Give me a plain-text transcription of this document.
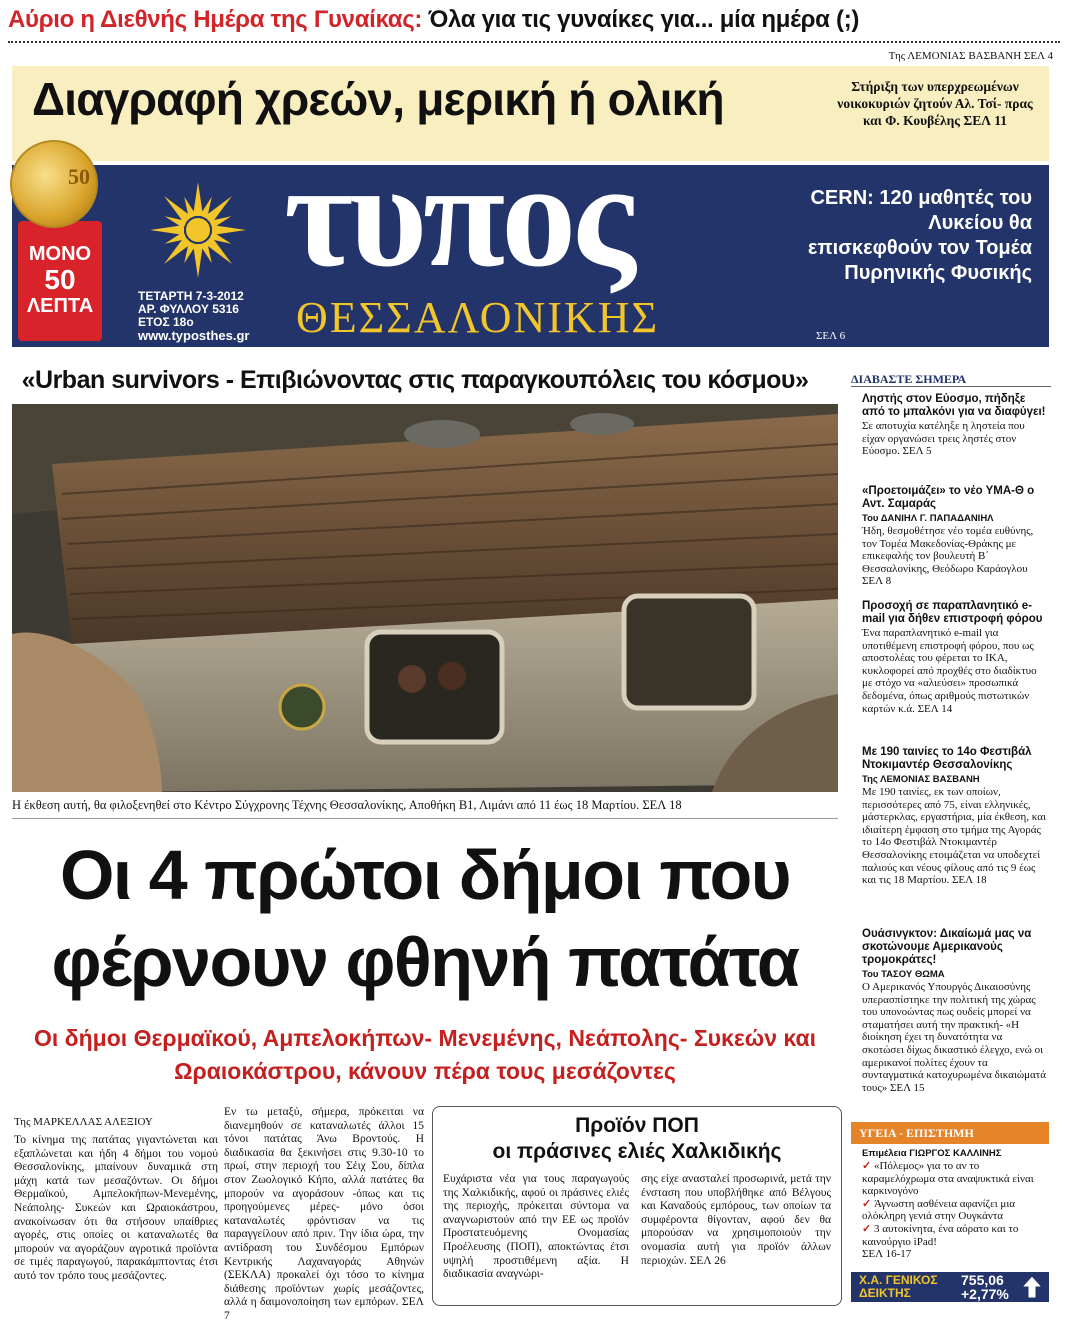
Αύριο η Διεθνής Ημέρα της Γυναίκας: Όλα για τις γυναίκες για... μία ημέρα (;)
Της ΛΕΜΟΝΙΑΣ ΒΑΣΒΑΝΗ ΣΕΛ 4
Διαγραφή χρεών, μερική ή ολική	Στήριξη των υπερχρεωμένων νοικοκυριών ζητούν Αλ. Τσί- πρας και Φ. Κουβέλης ΣΕΛ 11
ΜΟΝΟ
50
ΛΕΠΤΑ
50 τυπος
ΘΕΣΣΑΛΟΝΙΚΗΣ
ΤΕΤΑΡΤΗ 7-3-2012
ΑΡ. ΦΥΛΛΟΥ 5316
ΕΤΟΣ 18ο
www.typosthes.gr
CERN: 120 μαθητές του Λυκείου θα επισκεφθούν τον Τομέα Πυρηνικής Φυσικής
ΣΕΛ 6
«Urban survivors - Επιβιώνοντας στις παραγκουπόλεις του κόσμου»
Η έκθεση αυτή, θα φιλοξενηθεί στο Κέντρο Σύγχρονης Τέχνης Θεσσαλονίκης, Αποθήκη Β1, Λιμάνι από 11 έως 18 Μαρτίου. ΣΕΛ 18
Οι 4 πρώτοι δήμοι που
φέρνουν φθηνή πατάτα
Οι δήμοι Θερμαϊκού, Αμπελοκήπων- Μενεμένης, Νεάπολης- Συκεών και Ωραιοκάστρου, κάνουν πέρα τους μεσάζοντες
Της ΜΑΡΚΕΛΛΑΣ ΑΛΕΞΙΟΥ
Το κίνημα της πατάτας γιγαντώνεται και εξαπλώνεται και ήδη 4 δήμοι του νομού Θεσσαλονίκης, μπαίνουν δυναμικά στη μάχη κατά των μεσαζόντων. Οι δήμοι Θερμαϊκού, Αμπελοκήπων-Μενεμένης, Νεάπολης- Συκεών και Ωραιοκάστρου, ανακοίνωσαν ότι θα στήσουν υπαίθριες αγορές, στις οποίες οι καταναλωτές θα μπορούν να αγοράζουν αγροτικά προϊόντα σε τιμές παραγωγού, παρακάμπτοντας έτσι αυτό τον τρόπο τους μεσάζοντες.
Εν τω μεταξύ, σήμερα, πρόκειται να διανεμηθούν σε καταναλωτές άλλοι 15 τόνοι πατάτας Άνω Βροντούς. Η διαδικασία θα ξεκινήσει στις 9.30-10 το πρωί, στην περιοχή του Σέιχ Σου, δίπλα στον Ζωολογικό Κήπο, αλλά πατάτες θα μπορούν να αγοράσουν -όπως και τις προηγούμενες μέρες- μόνο όσοι καταναλωτές φρόντισαν να τις παραγγείλουν από πριν. Την ίδια ώρα, την αντίδραση του Συνδέσμου Εμπόρων Κεντρικής Λαχαναγοράς Αθηνών (ΣΕΚΛΑ) προκαλεί όχι τόσο το κίνημα διάθεσης προϊόντων χωρίς μεσάζοντες, αλλά η δαιμονοποίηση των εμπόρων. ΣΕΛ 7
Προϊόν ΠΟΠ
οι πράσινες ελιές Χαλκιδικής
Ευχάριστα νέα για τους παραγωγούς της Χαλκιδικής, αφού οι πράσινες ελιές της περιοχής, πρόκειται σύντομα να αναγνωριστούν από την ΕΕ ως προϊόν Προστατευόμενης Ονομασίας Προέλευσης (ΠΟΠ), αποκτώντας έτσι υψηλή προστιθέμενη αξία. Η διαδικασία αναγνώρι-
σης είχε ανασταλεί προσωρινά, μετά την ένσταση που υποβλήθηκε από Βέλγους και Καναδούς εμπόρους, των οποίων τα συμφέροντα θίγονταν, αφού δεν θα μπορούσαν να χρησιμοποιούν την ονομασία αυτή για προϊόν άλλων περιοχών. ΣΕΛ 26
ΔΙΑΒΑΣΤΕ ΣΗΜΕΡΑ
Ληστής στον Εύοσμο, πήδηξε από το μπαλκόνι για να διαφύγει!
Σε αποτυχία κατέληξε η ληστεία που είχαν οργανώσει τρεις ληστές στον Εύοσμο. ΣΕΛ 5
«Προετοιμάζει» το νέο ΥΜΑ-Θ ο Αντ. Σαμαράς
Του ΔΑΝΙΗΛ Γ. ΠΑΠΑΔΑΝΙΗΛ
Ήδη, θεσμοθέτησε νέο τομέα ευθύνης, τον Τομέα Μακεδονίας-Θράκης με επικεφαλής τον βουλευτή Β΄ Θεσσαλονίκης, Θεόδωρο Καράογλου ΣΕΛ 8
Προσοχή σε παραπλανητικό e-mail για δήθεν επιστροφή φόρου
Ένα παραπλανητικό e-mail για υποτιθέμενη επιστροφή φόρου, που ως αποστολέας του φέρεται το ΙΚΑ, κυκλοφορεί από προχθές στο διαδίκτυο με στόχο να «αλιεύσει» προσωπικά δεδομένα, όπως αριθμούς πιστωτικών καρτών κ.ά. ΣΕΛ 14
Με 190 ταινίες το 14ο Φεστιβάλ Ντοκιμαντέρ Θεσσαλονίκης
Της ΛΕΜΟΝΙΑΣ ΒΑΣΒΑΝΗ
Με 190 ταινίες, εκ των οποίων, περισσότερες από 75, είναι ελληνικές, μάστερκλας, εργαστήρια, μία έκθεση, και ιδιαίτερη έμφαση στο τμήμα της Αγοράς το 14ο Φεστιβάλ Ντοκιμαντέρ Θεσσαλονίκης ετοιμάζεται να υποδεχτεί παλιούς και νέους φίλους από τις 9 έως και τις 18 Μαρτίου. ΣΕΛ 18
Ουάσινγκτον: Δικαίωμά μας να σκοτώνουμε Αμερικανούς τρομοκράτες!
Του ΤΑΣΟΥ ΘΩΜΑ
Ο Αμερικανός Υπουργός Δικαιοσύνης υπερασπίστηκε την πολιτική της χώρας του υπονοώντας πως ουδείς μπορεί να σταματήσει αυτή την πρακτική- «Η διοίκηση έχει τη δυνατότητα να σκοτώσει δίχως δικαστικό έλεγχο, ενώ οι αμερικανοί πολίτες έχουν τα συνταγματικά κατοχυρωμένα δικαιώματά τους» ΣΕΛ 15
ΥΓΕΙΑ - ΕΠΙΣΤΗΜΗ
Επιμέλεια ΓΙΩΡΓΟΣ ΚΑΛΛΙΝΗΣ
✓ «Πόλεμος» για το αν το καραμελόχρωμα στα αναψυκτικά είναι καρκινογόνο
✓ Άγνωστη ασθένεια αφανίζει μια ολόκληρη γενιά στην Ουγκάντα
✓ 3 αυτοκίνητα, ένα αόρατο και το καινούργιο iPad!
ΣΕΛ 16-17
Χ.Α. ΓΕΝΙΚΟΣ
ΔΕΙΚΤΗΣ
755,06
+2,77%
